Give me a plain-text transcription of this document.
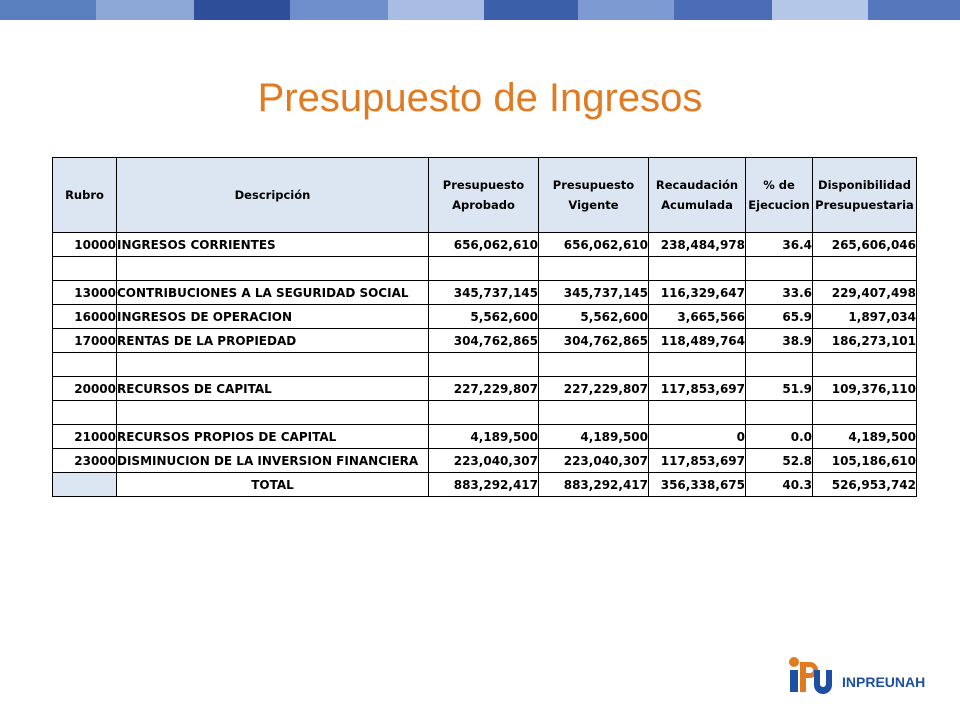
Presupuesto de Ingresos
Rubro	Descripción	Presupuesto Aprobado	Presupuesto Vigente	Recaudación Acumulada	% de Ejecucion	Disponibilidad Presupuestaria
10000	INGRESOS CORRIENTES	656,062,610	656,062,610	238,484,978	36.4	265,606,046

13000	CONTRIBUCIONES A LA SEGURIDAD SOCIAL	345,737,145	345,737,145	116,329,647	33.6	229,407,498
16000	INGRESOS DE OPERACION	5,562,600	5,562,600	3,665,566	65.9	1,897,034
17000	RENTAS DE LA PROPIEDAD	304,762,865	304,762,865	118,489,764	38.9	186,273,101

20000	RECURSOS DE CAPITAL	227,229,807	227,229,807	117,853,697	51.9	109,376,110

21000	RECURSOS PROPIOS DE CAPITAL	4,189,500	4,189,500	0	0.0	4,189,500
23000	DISMINUCION DE LA INVERSION FINANCIERA	223,040,307	223,040,307	117,853,697	52.8	105,186,610
	TOTAL	883,292,417	883,292,417	356,338,675	40.3	526,953,742
INPREUNAH
